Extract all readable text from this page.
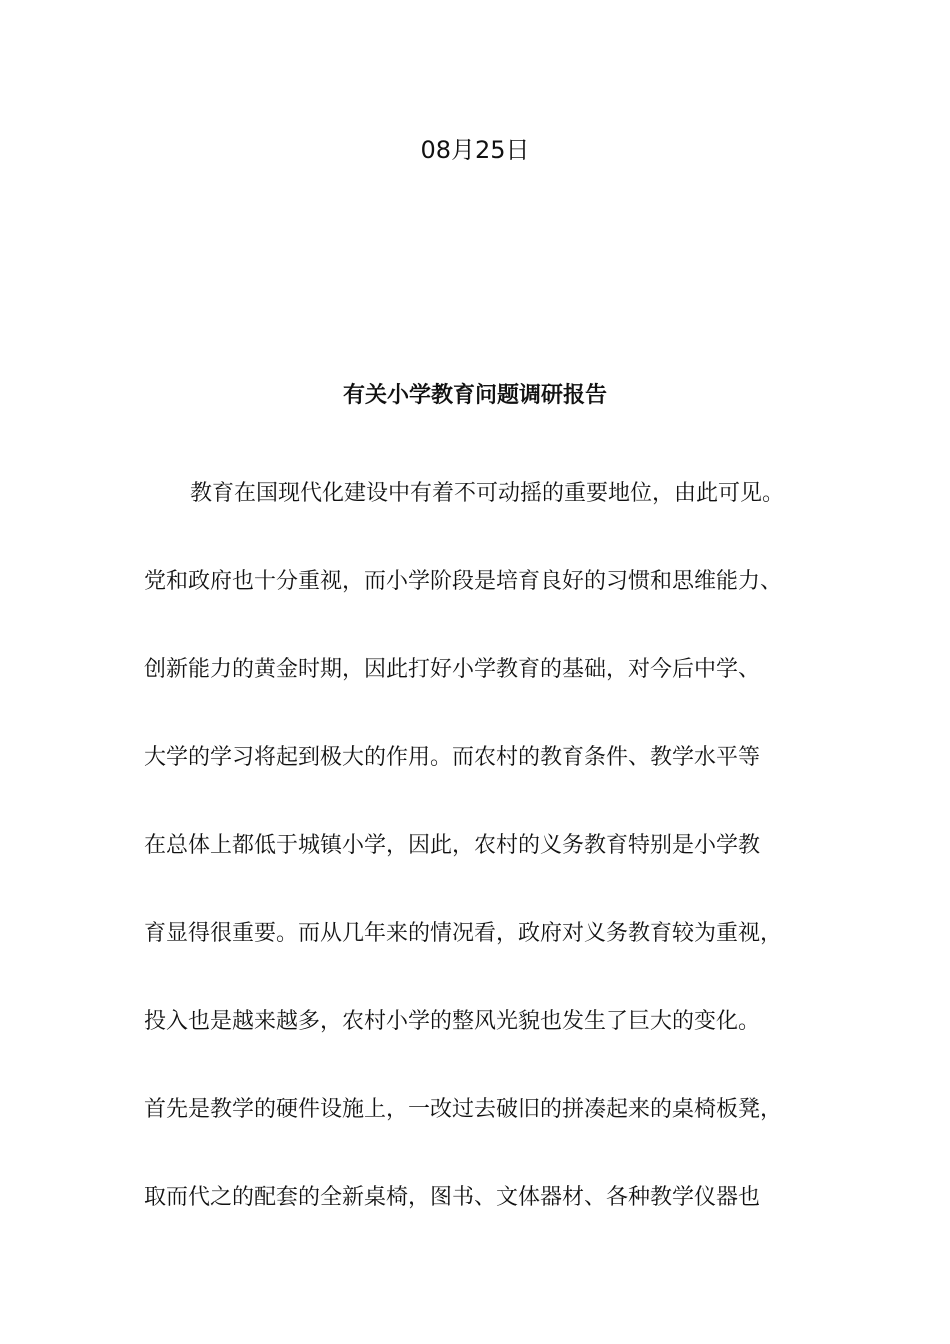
08月25日
有关小学教育问题调研报告
教育在国现代化建设中有着不可动摇的重要地位，由此可见。
党和政府也十分重视，而小学阶段是培育良好的习惯和思维能力、
创新能力的黄金时期，因此打好小学教育的基础，对今后中学、
大学的学习将起到极大的作用。而农村的教育条件、教学水平等
在总体上都低于城镇小学，因此，农村的义务教育特别是小学教
育显得很重要。而从几年来的情况看，政府对义务教育较为重视，
投入也是越来越多，农村小学的整风光貌也发生了巨大的变化。
首先是教学的硬件设施上，一改过去破旧的拼凑起来的桌椅板凳，
取而代之的配套的全新桌椅，图书、文体器材、各种教学仪器也
